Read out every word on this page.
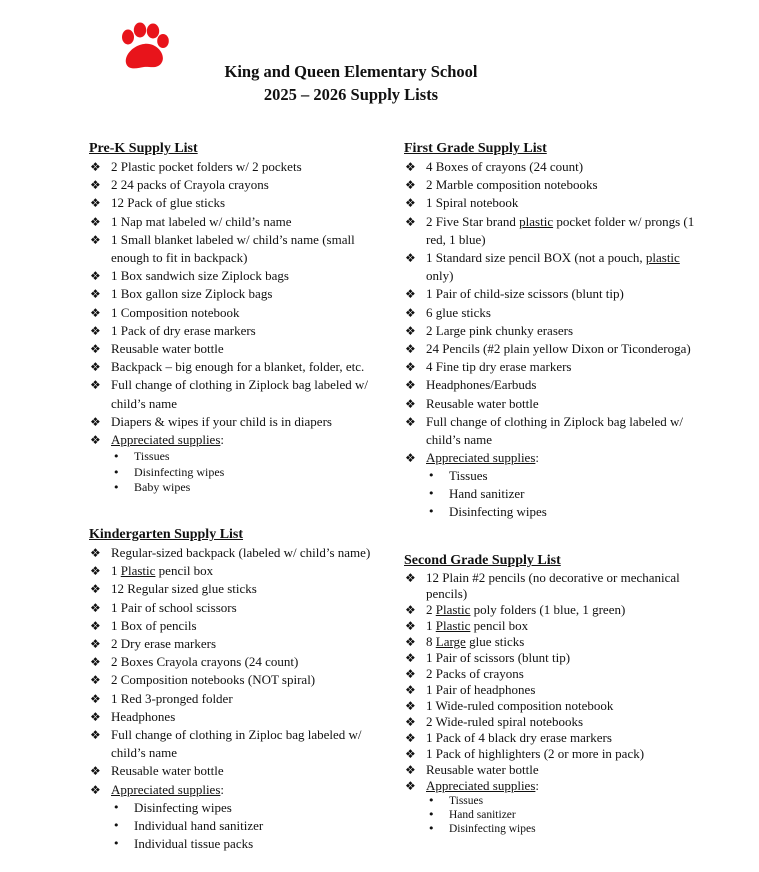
King and Queen Elementary School
2025 – 2026 Supply Lists
Pre-K Supply List
❖ 2 Plastic pocket folders w/ 2 pockets
❖ 2 24 packs of Crayola crayons
❖ 12 Pack of glue sticks
❖ 1 Nap mat labeled w/ child’s name
❖ 1 Small blanket labeled w/ child’s name (small enough to fit in backpack)
❖ 1 Box sandwich size Ziplock bags
❖ 1 Box gallon size Ziplock bags
❖ 1 Composition notebook
❖ 1 Pack of dry erase markers
❖ Reusable water bottle
❖ Backpack – big enough for a blanket, folder, etc.
❖ Full change of clothing in Ziplock bag labeled w/ child’s name
❖ Diapers & wipes if your child is in diapers
❖ Appreciated supplies:
• Tissues
• Disinfecting wipes
• Baby wipes
Kindergarten Supply List
❖ Regular-sized backpack (labeled w/ child’s name)
❖ 1 Plastic pencil box
❖ 12 Regular sized glue sticks
❖ 1 Pair of school scissors
❖ 1 Box of pencils
❖ 2 Dry erase markers
❖ 2 Boxes Crayola crayons (24 count)
❖ 2 Composition notebooks (NOT spiral)
❖ 1 Red 3-pronged folder
❖ Headphones
❖ Full change of clothing in Ziploc bag labeled w/ child’s name
❖ Reusable water bottle
❖ Appreciated supplies:
• Disinfecting wipes
• Individual hand sanitizer
• Individual tissue packs
First Grade Supply List
❖ 4 Boxes of crayons (24 count)
❖ 2 Marble composition notebooks
❖ 1 Spiral notebook
❖ 2 Five Star brand plastic pocket folder w/ prongs (1 red, 1 blue)
❖ 1 Standard size pencil BOX (not a pouch, plastic only)
❖ 1 Pair of child-size scissors (blunt tip)
❖ 6 glue sticks
❖ 2 Large pink chunky erasers
❖ 24 Pencils (#2 plain yellow Dixon or Ticonderoga)
❖ 4 Fine tip dry erase markers
❖ Headphones/Earbuds
❖ Reusable water bottle
❖ Full change of clothing in Ziplock bag labeled w/ child’s name
❖ Appreciated supplies:
• Tissues
• Hand sanitizer
• Disinfecting wipes
Second Grade Supply List
❖ 12 Plain #2 pencils (no decorative or mechanical pencils)
❖ 2 Plastic poly folders (1 blue, 1 green)
❖ 1 Plastic pencil box
❖ 8 Large glue sticks
❖ 1 Pair of scissors (blunt tip)
❖ 2 Packs of crayons
❖ 1 Pair of headphones
❖ 1 Wide-ruled composition notebook
❖ 2 Wide-ruled spiral notebooks
❖ 1 Pack of 4 black dry erase markers
❖ 1 Pack of highlighters (2 or more in pack)
❖ Reusable water bottle
❖ Appreciated supplies:
• Tissues
• Hand sanitizer
• Disinfecting wipes
